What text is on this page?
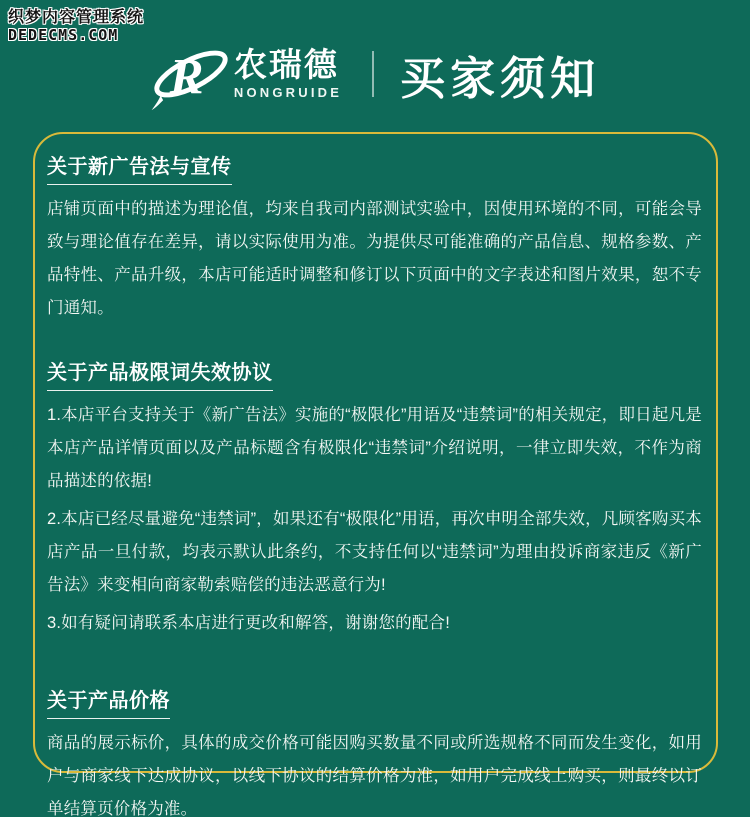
织梦内容管理系统
DEDECMS.COM
R 农瑞德
NONGRUIDE 买家须知
关于新广告法与宣传

店铺页面中的描述为理论值，均来自我司内部测试实验中，因使用环境的不同，可能会导致与理论值存在差异，请以实际使用为准。为提供尽可能准确的产品信息、规格参数、产品特性、产品升级，本店可能适时调整和修订以下页面中的文字表述和图片效果，恕不专门通知。

关于产品极限词失效协议

1.本店平台支持关于《新广告法》实施的“极限化”用语及“违禁词”的相关规定，即日起凡是本店产品详情页面以及产品标题含有极限化“违禁词”介绍说明，一律立即失效，不作为商品描述的依据!

2.本店已经尽量避免“违禁词”，如果还有“极限化”用语，再次申明全部失效，凡顾客购买本店产品一旦付款，均表示默认此条约，不支持任何以“违禁词”为理由投诉商家违反《新广告法》来变相向商家勒索赔偿的违法恶意行为!

3.如有疑问请联系本店进行更改和解答，谢谢您的配合!

关于产品价格

商品的展示标价，具体的成交价格可能因购买数量不同或所选规格不同而发生变化，如用户与商家线下达成协议，以线下协议的结算价格为准，如用户完成线上购买，则最终以订单结算页价格为准。
